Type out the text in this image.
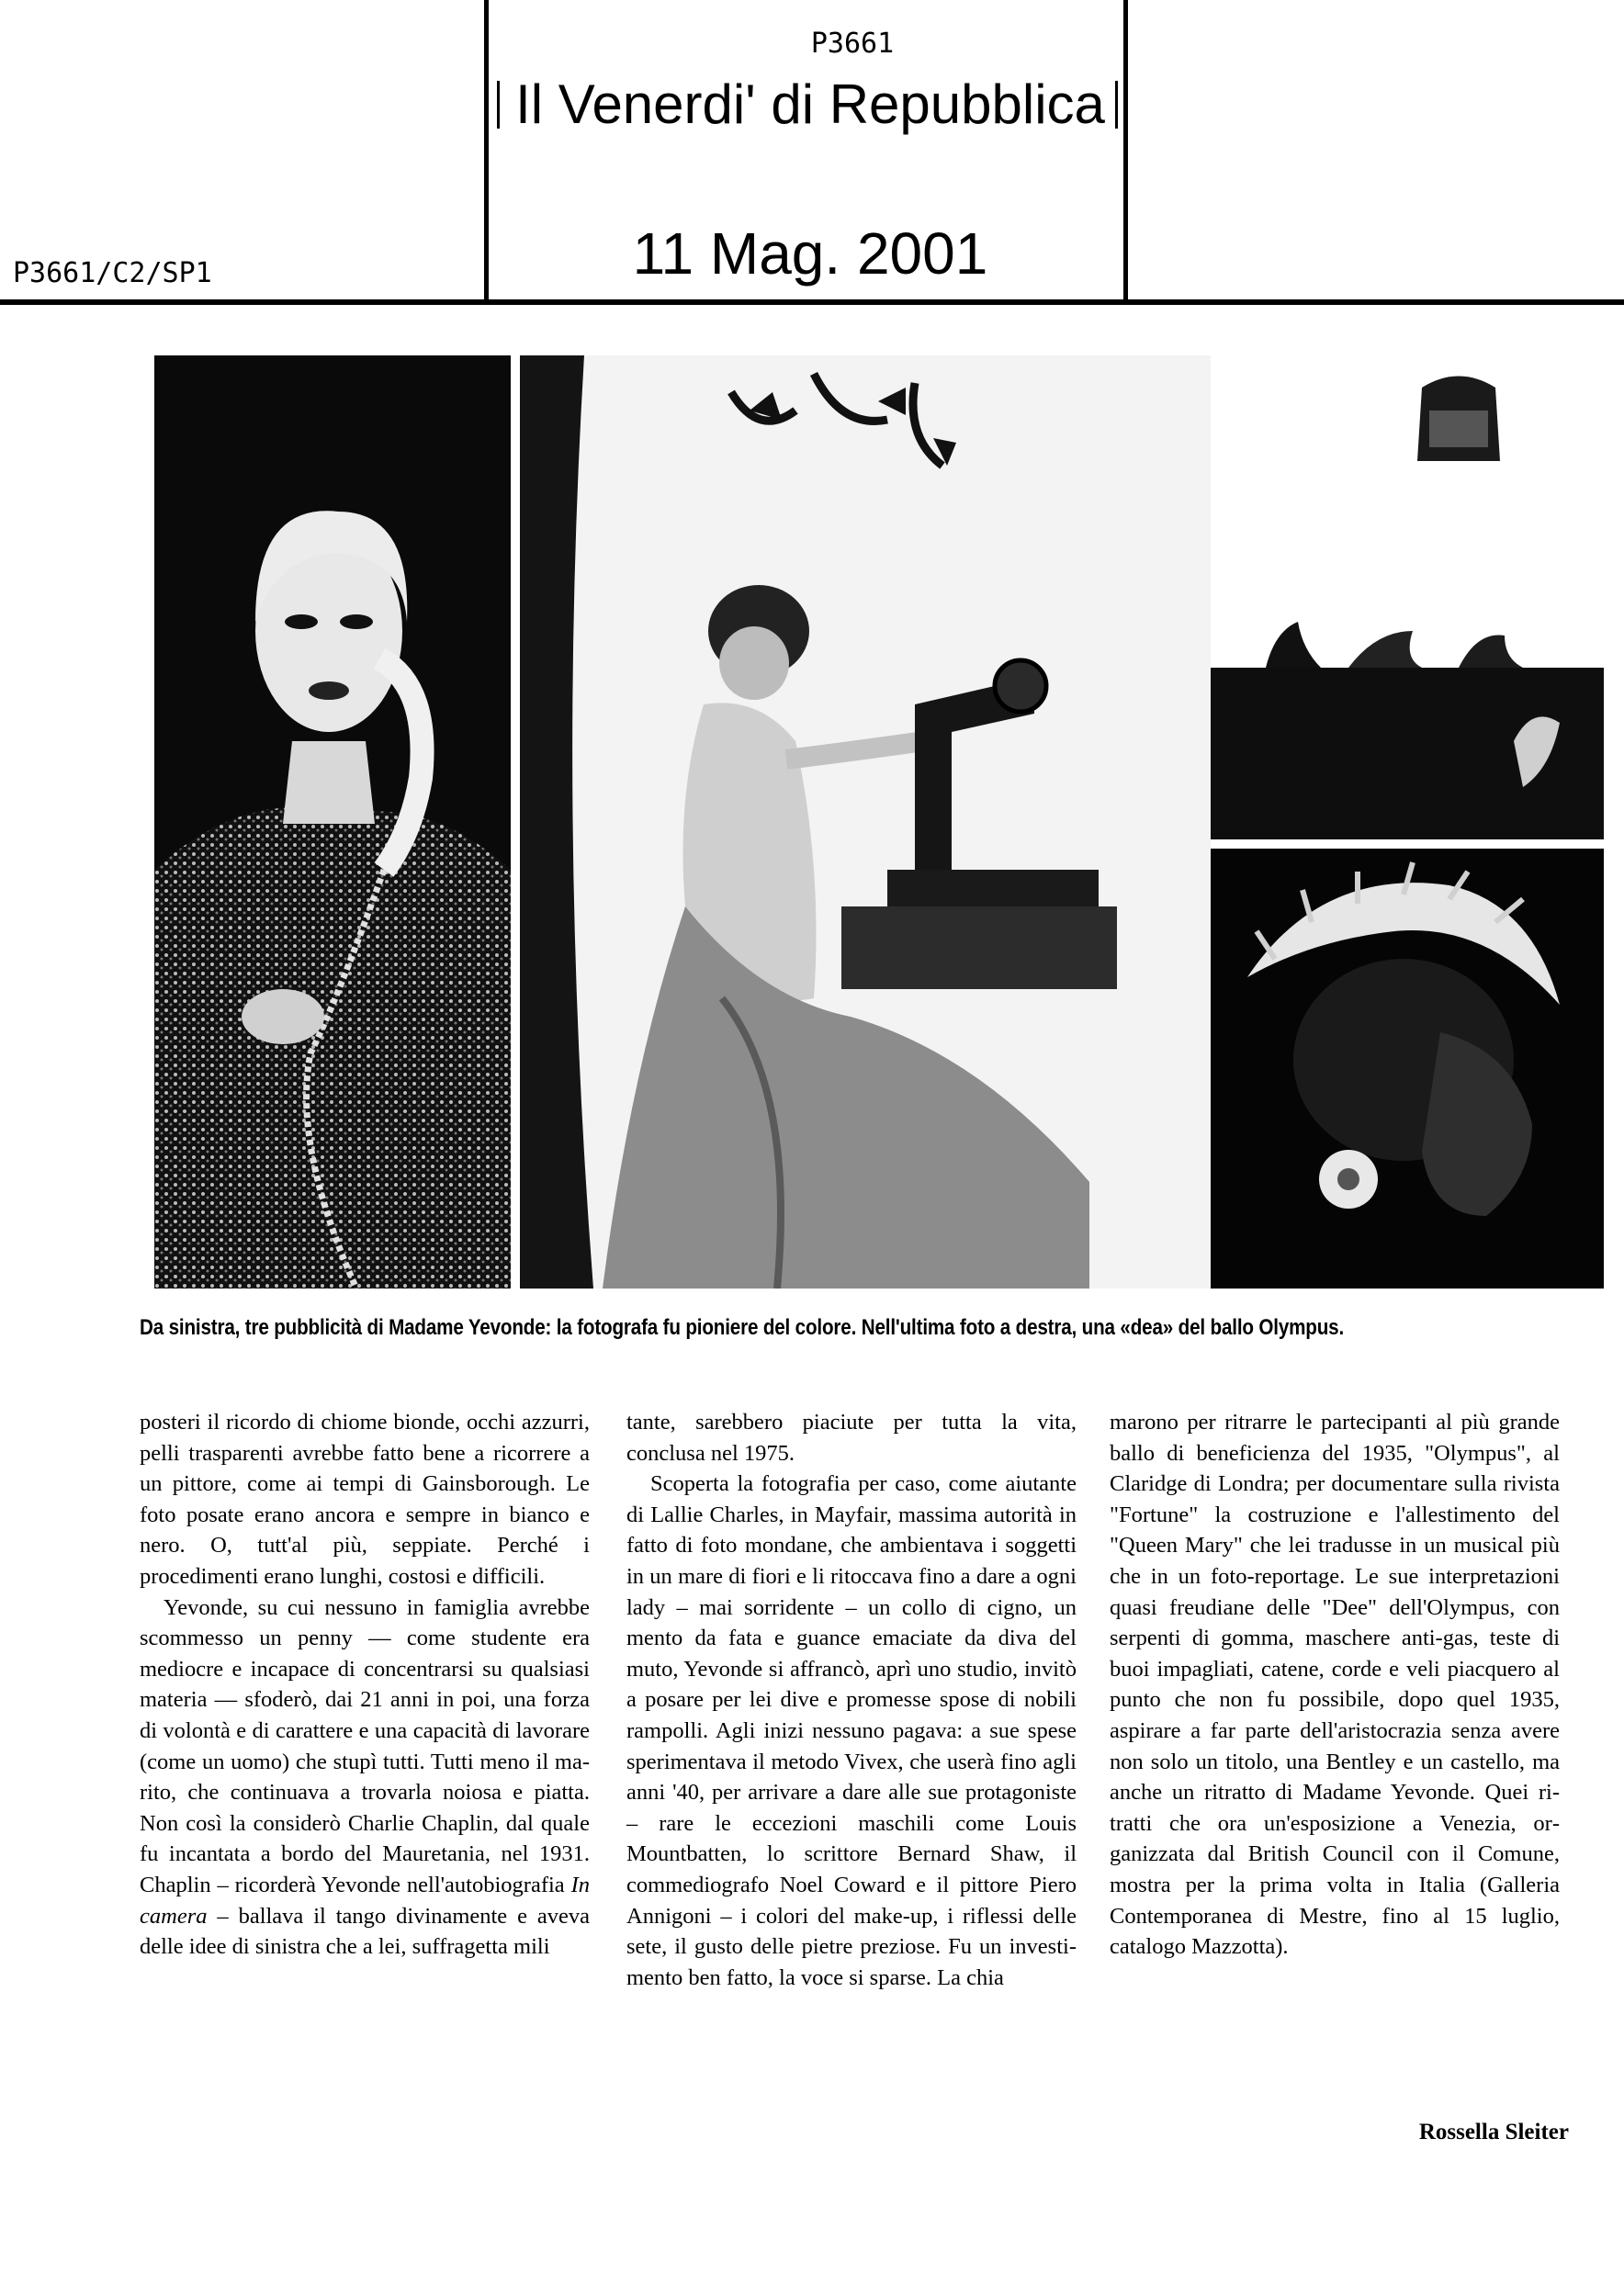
P3661
Il Venerdi' di Repubblica
11 Mag. 2001
P3661/C2/SP1
Da sinistra, tre pubblicità di Madame Yevonde: la fotografa fu pioniere del colore. Nell'ultima foto a destra, una «dea» del ballo Olympus.

posteri il ricordo di chiome bionde, occhi azzurri, pelli trasparenti avrebbe fatto bene a ricorrere a un pittore, come ai tempi di Gainsborough. Le foto posate erano ancora e sempre in bianco e nero. O, tutt'al più, seppiate. Perché i procedimenti erano lunghi, costosi e difficili.

Yevonde, su cui nessuno in famiglia avrebbe scommesso un penny — come studente era mediocre e incapace di concentrarsi su qualsiasi materia — sfoderò, dai 21 anni in poi, una forza di volontà e di carattere e una capacità di lavorare (come un uomo) che stupì tutti. Tutti meno il marito, che continuava a trovarla noiosa e piatta. Non così la considerò Charlie Chaplin, dal quale fu incantata a bordo del Mauretania, nel 1931. Chaplin – ricorderà Yevonde nell'autobiografia In camera – ballava il tango divinamente e aveva delle idee di sinistra che a lei, suffragetta mili

tante, sarebbero piaciute per tutta la vita, conclusa nel 1975.

Scoperta la fotografia per caso, come aiutante di Lallie Charles, in Mayfair, massima autorità in fatto di foto mondane, che ambientava i soggetti in un mare di fiori e li ritoccava fino a dare a ogni lady – mai sorridente – un collo di cigno, un mento da fata e guance emaciate da diva del muto, Yevonde si affrancò, aprì uno studio, invitò a posare per lei dive e promesse spose di nobili rampolli. Agli inizi nessuno pagava: a sue spese sperimentava il metodo Vivex, che userà fino agli anni '40, per arrivare a dare alle sue protagoniste – rare le eccezioni maschili come Louis Mountbatten, lo scrittore Bernard Shaw, il commediografo Noel Coward e il pittore Piero Annigoni – i colori del make-up, i riflessi delle sete, il gusto delle pietre preziose. Fu un investimento ben fatto, la voce si sparse. La chia

marono per ritrarre le partecipanti al più grande ballo di beneficienza del 1935, "Olympus", al Claridge di Londra; per documentare sulla rivista "Fortune" la costruzione e l'allestimento del "Queen Mary" che lei tradusse in un musical più che in un foto-reportage. Le sue interpretazioni quasi freudiane delle "Dee" dell'Olympus, con serpenti di gomma, maschere anti-gas, teste di buoi impagliati, catene, corde e veli piacquero al punto che non fu possibile, dopo quel 1935, aspirare a far parte dell'aristocrazia senza avere non solo un titolo, una Bentley e un castello, ma anche un ritratto di Madame Yevonde. Quei ritratti che ora un'esposizione a Venezia, organizzata dal British Council con il Comune, mostra per la prima volta in Italia (Galleria Contemporanea di Mestre, fino al 15 luglio, catalogo Mazzotta).

Rossella Sleiter
